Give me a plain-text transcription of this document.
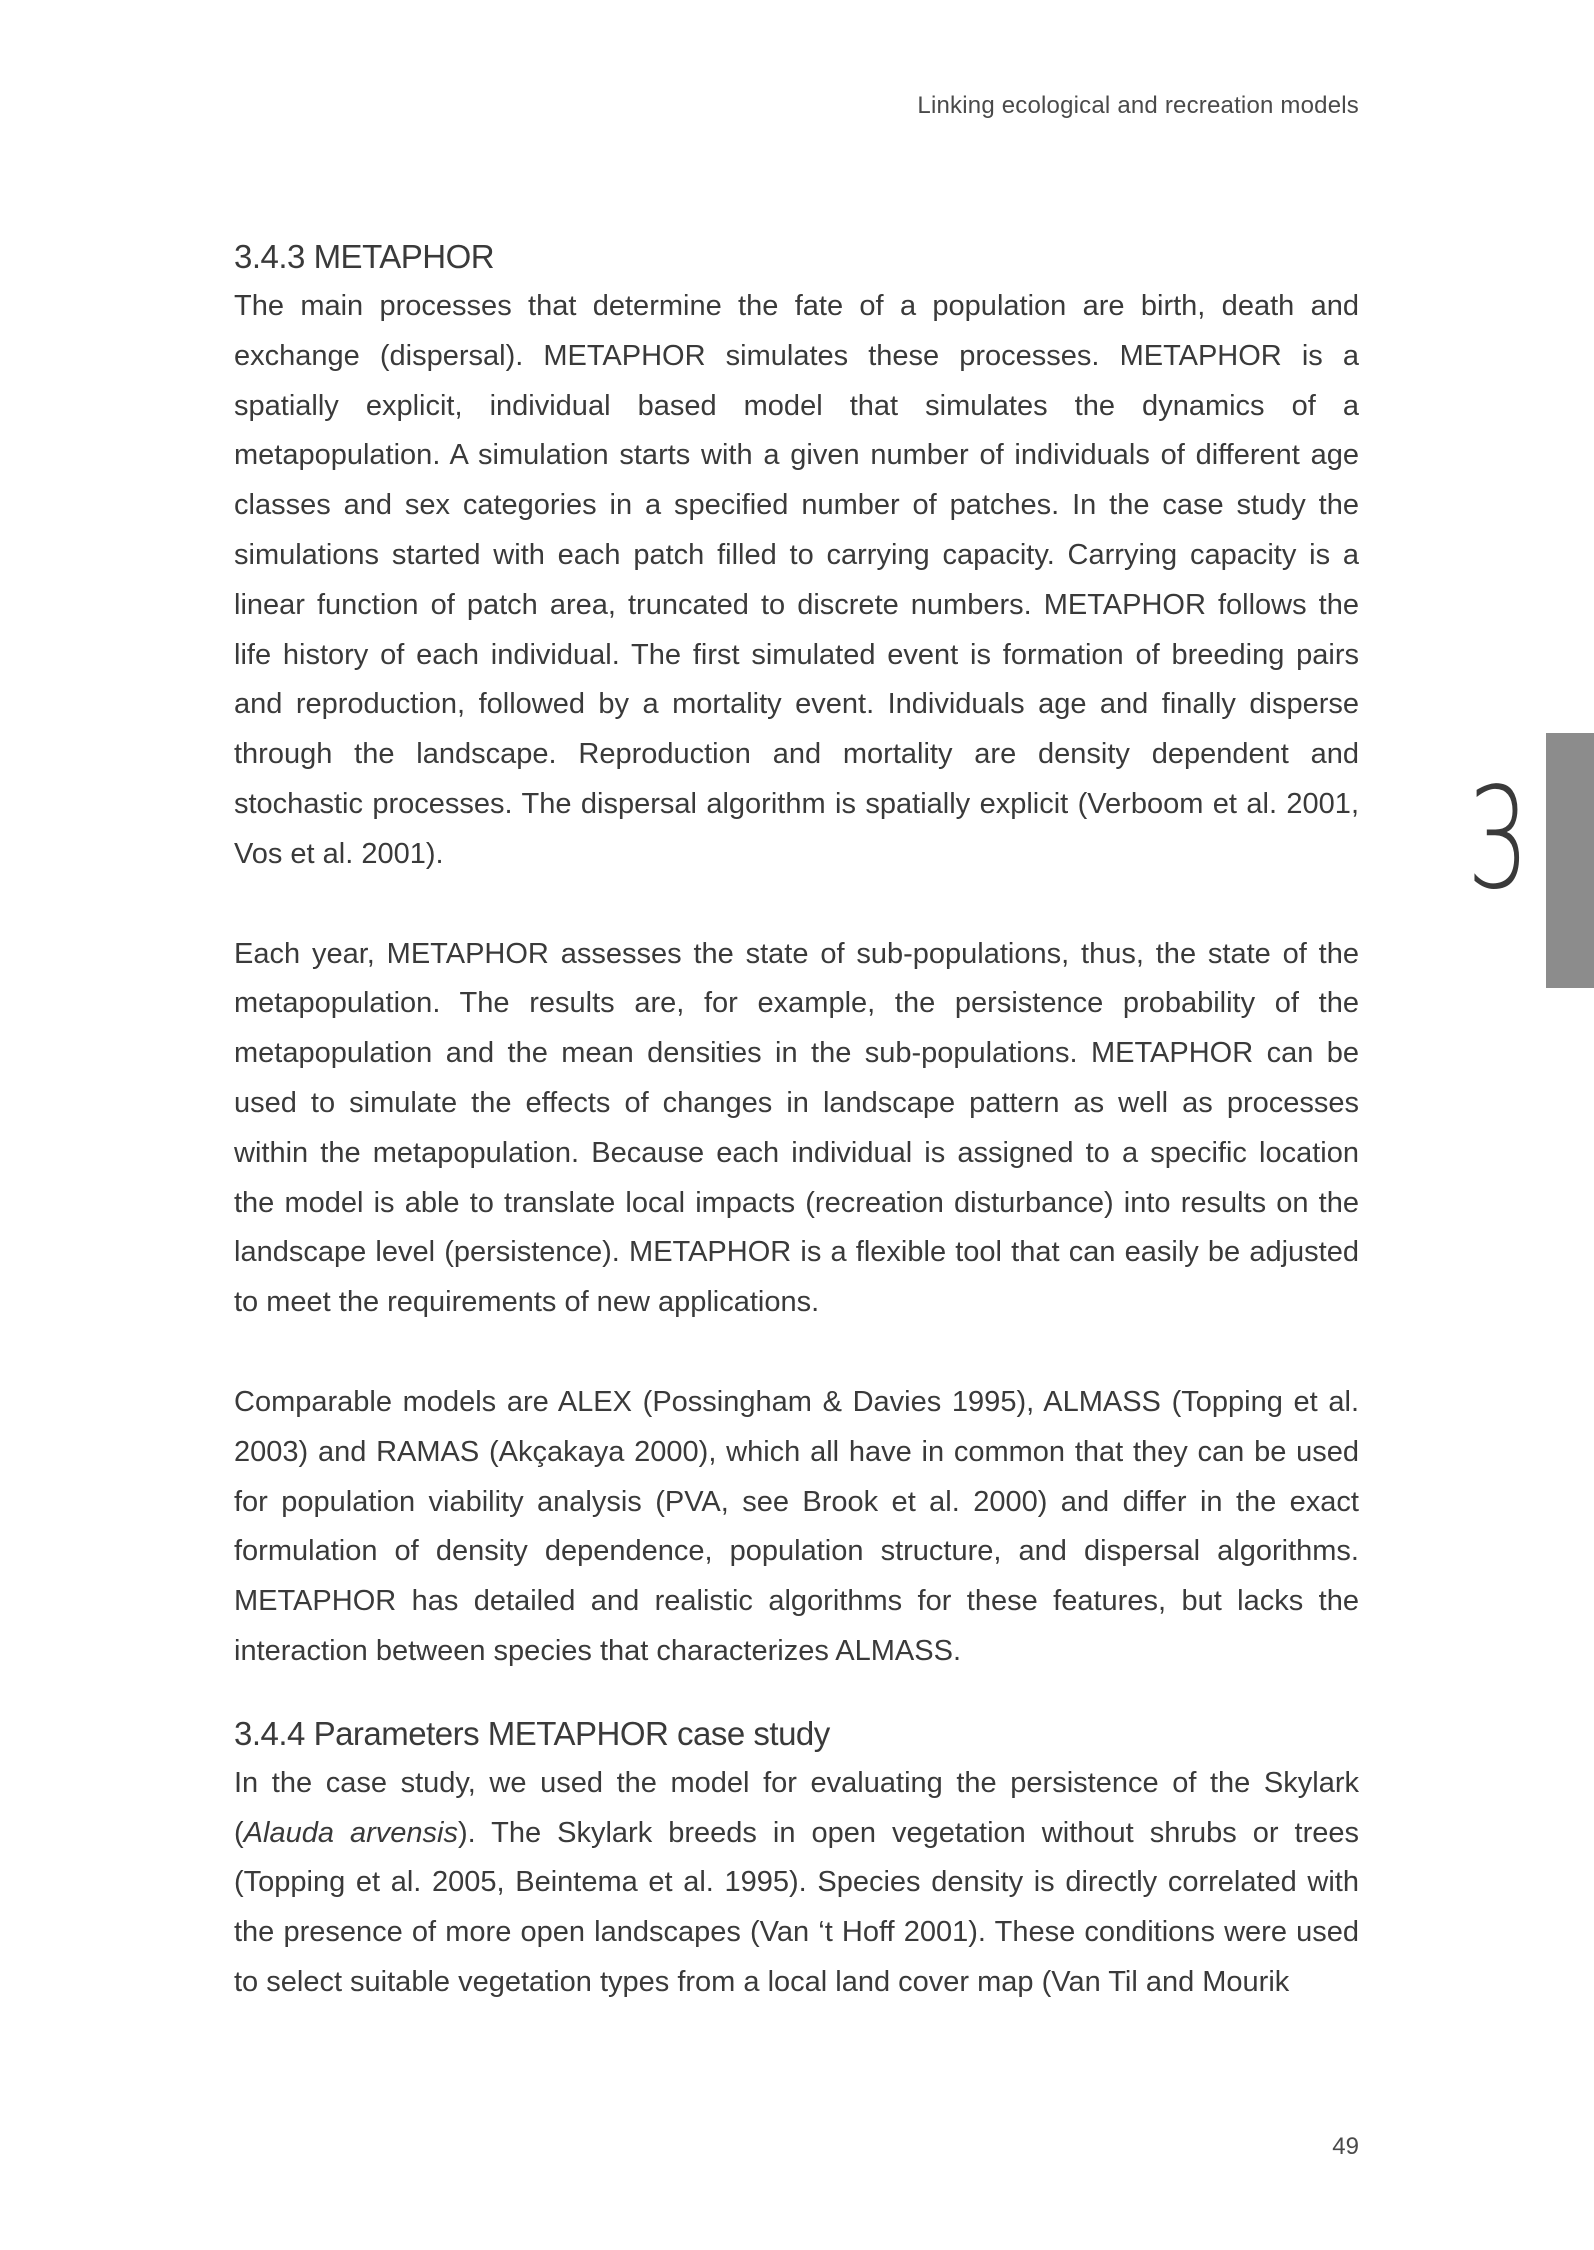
Linking ecological and recreation models
3
3.4.3 METAPHOR

The main processes that determine the fate of a population are birth, death and exchange (dispersal). METAPHOR simulates these processes. METAPHOR is a spatially explicit, individual based model that simulates the dynamics of a metapopulation. A simulation starts with a given number of individuals of different age classes and sex categories in a specified number of patches. In the case study the simulations started with each patch filled to carrying capacity. Carrying capacity is a linear function of patch area, truncated to discrete numbers. METAPHOR follows the life history of each individual. The first simulated event is formation of breeding pairs and reproduction, followed by a mortality event. Individuals age and finally disperse through the landscape. Reproduction and mortality are density dependent and stochastic processes. The dispersal algorithm is spatially explicit (Verboom et al. 2001, Vos et al. 2001).

Each year, METAPHOR assesses the state of sub-populations, thus, the state of the metapopulation. The results are, for example, the persistence probability of the metapopulation and the mean densities in the sub-populations. METAPHOR can be used to simulate the effects of changes in landscape pattern as well as processes within the metapopulation. Because each individual is assigned to a specific location the model is able to translate local impacts (recreation disturbance) into results on the landscape level (persistence). METAPHOR is a flexible tool that can easily be adjusted to meet the requirements of new applications.

Comparable models are ALEX (Possingham & Davies 1995), ALMASS (Topping et al. 2003) and RAMAS (Akçakaya 2000), which all have in common that they can be used for population viability analysis (PVA, see Brook et al. 2000) and differ in the exact formulation of density dependence, population structure, and dispersal algorithms. METAPHOR has detailed and realistic algorithms for these features, but lacks the interaction between species that characterizes ALMASS.

3.4.4 Parameters METAPHOR case study

In the case study, we used the model for evaluating the persistence of the Skylark (Alauda arvensis). The Skylark breeds in open vegetation without shrubs or trees (Topping et al. 2005, Beintema et al. 1995). Species density is directly correlated with the presence of more open landscapes (Van ‘t Hoff 2001). These conditions were used to select suitable vegetation types from a local land cover map (Van Til and Mourik

49
